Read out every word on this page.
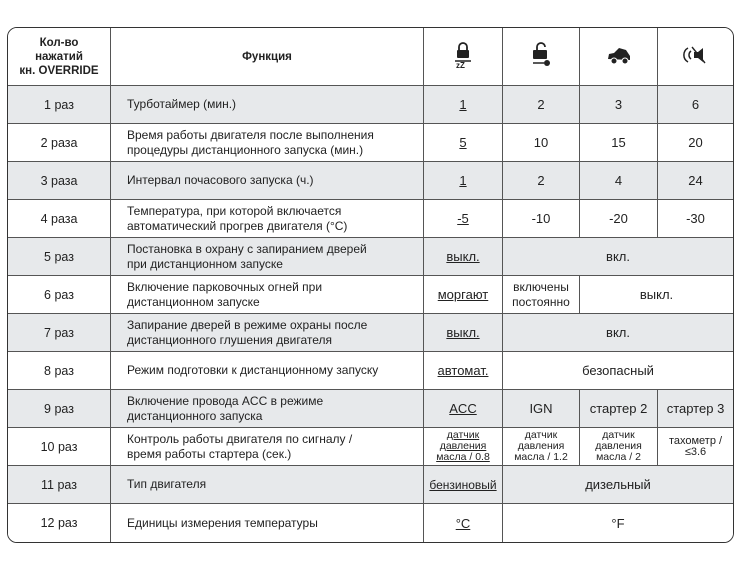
Кол-во
нажатий
кн. OVERRIDE	Функция	zZ

1 раз	Турботаймер (мин.)	1	2	3	6
2 раза	Время работы двигателя после выполнения
процедуры дистанционного запуска (мин.)	5	10	15	20
3 раза	Интервал почасового запуска (ч.)	1	2	4	24
4 раза	Температура, при которой включается
автоматический прогрев двигателя (°C)	-5	-10	-20	-30
5 раз	Постановка в охрану с запиранием дверей
при дистанционном запуске	выкл.	вкл.		
6 раз	Включение парковочных огней при
дистанционном запуске	моргают	включены постоянно	выкл.	
7 раз	Запирание дверей в режиме охраны после
дистанционного глушения двигателя	выкл.	вкл.		
8 раз	Режим подготовки к дистанционному запуску	автомат.	безопасный		
9 раз	Включение провода ACC в режиме
дистанционного запуска	ACC	IGN	стартер 2	стартер 3
10 раз	Контроль работы двигателя по сигналу /
время работы стартера (сек.)	датчик давления масла / 0.8	датчик давления масла / 1.2	датчик давления масла / 2	тахометр / ≤3.6
11 раз	Тип двигателя	бензиновый	дизельный		
12 раз	Единицы измерения температуры	°C	°F		
